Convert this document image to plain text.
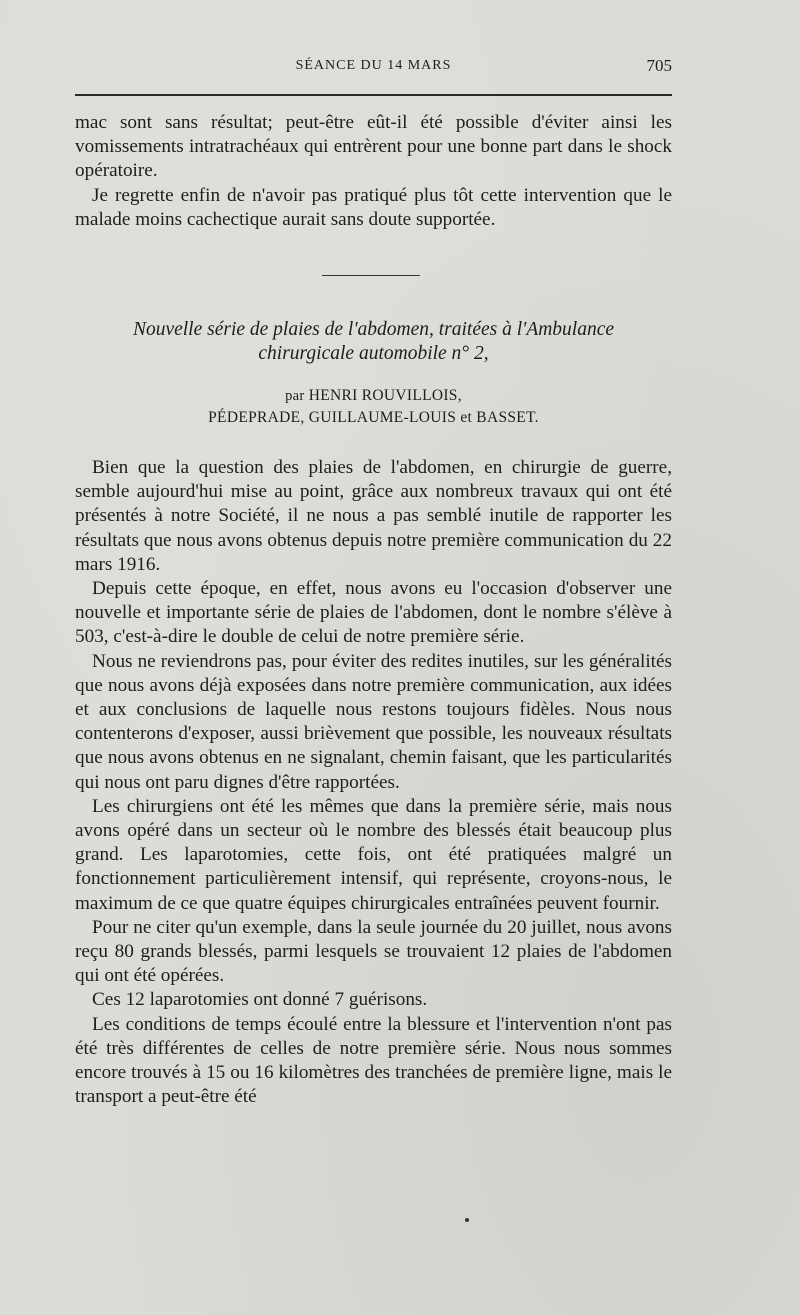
SÉANCE DU 14 MARS	705

mac sont sans résultat; peut-être eût-il été possible d'éviter ainsi les vomissements intratrachéaux qui entrèrent pour une bonne part dans le shock opératoire.

Je regrette enfin de n'avoir pas pratiqué plus tôt cette intervention que le malade moins cachectique aurait sans doute supportée.

Nouvelle série de plaies de l'abdomen, traitées à l'Ambulance
chirurgicale automobile n° 2,
par HENRI ROUVILLOIS,
PÉDEPRADE, GUILLAUME-LOUIS et BASSET.

Bien que la question des plaies de l'abdomen, en chirurgie de guerre, semble aujourd'hui mise au point, grâce aux nombreux travaux qui ont été présentés à notre Société, il ne nous a pas semblé inutile de rapporter les résultats que nous avons obtenus depuis notre première communication du 22 mars 1916.

Depuis cette époque, en effet, nous avons eu l'occasion d'observer une nouvelle et importante série de plaies de l'abdomen, dont le nombre s'élève à 503, c'est-à-dire le double de celui de notre première série.

Nous ne reviendrons pas, pour éviter des redites inutiles, sur les généralités que nous avons déjà exposées dans notre première communication, aux idées et aux conclusions de laquelle nous restons toujours fidèles. Nous nous contenterons d'exposer, aussi brièvement que possible, les nouveaux résultats que nous avons obtenus en ne signalant, chemin faisant, que les particularités qui nous ont paru dignes d'être rapportées.

Les chirurgiens ont été les mêmes que dans la première série, mais nous avons opéré dans un secteur où le nombre des blessés était beaucoup plus grand. Les laparotomies, cette fois, ont été pratiquées malgré un fonctionnement particulièrement intensif, qui représente, croyons-nous, le maximum de ce que quatre équipes chirurgicales entraînées peuvent fournir.

Pour ne citer qu'un exemple, dans la seule journée du 20 juillet, nous avons reçu 80 grands blessés, parmi lesquels se trouvaient 12 plaies de l'abdomen qui ont été opérées.

Ces 12 laparotomies ont donné 7 guérisons.

Les conditions de temps écoulé entre la blessure et l'intervention n'ont pas été très différentes de celles de notre première série. Nous nous sommes encore trouvés à 15 ou 16 kilomètres des tranchées de première ligne, mais le transport a peut-être été
